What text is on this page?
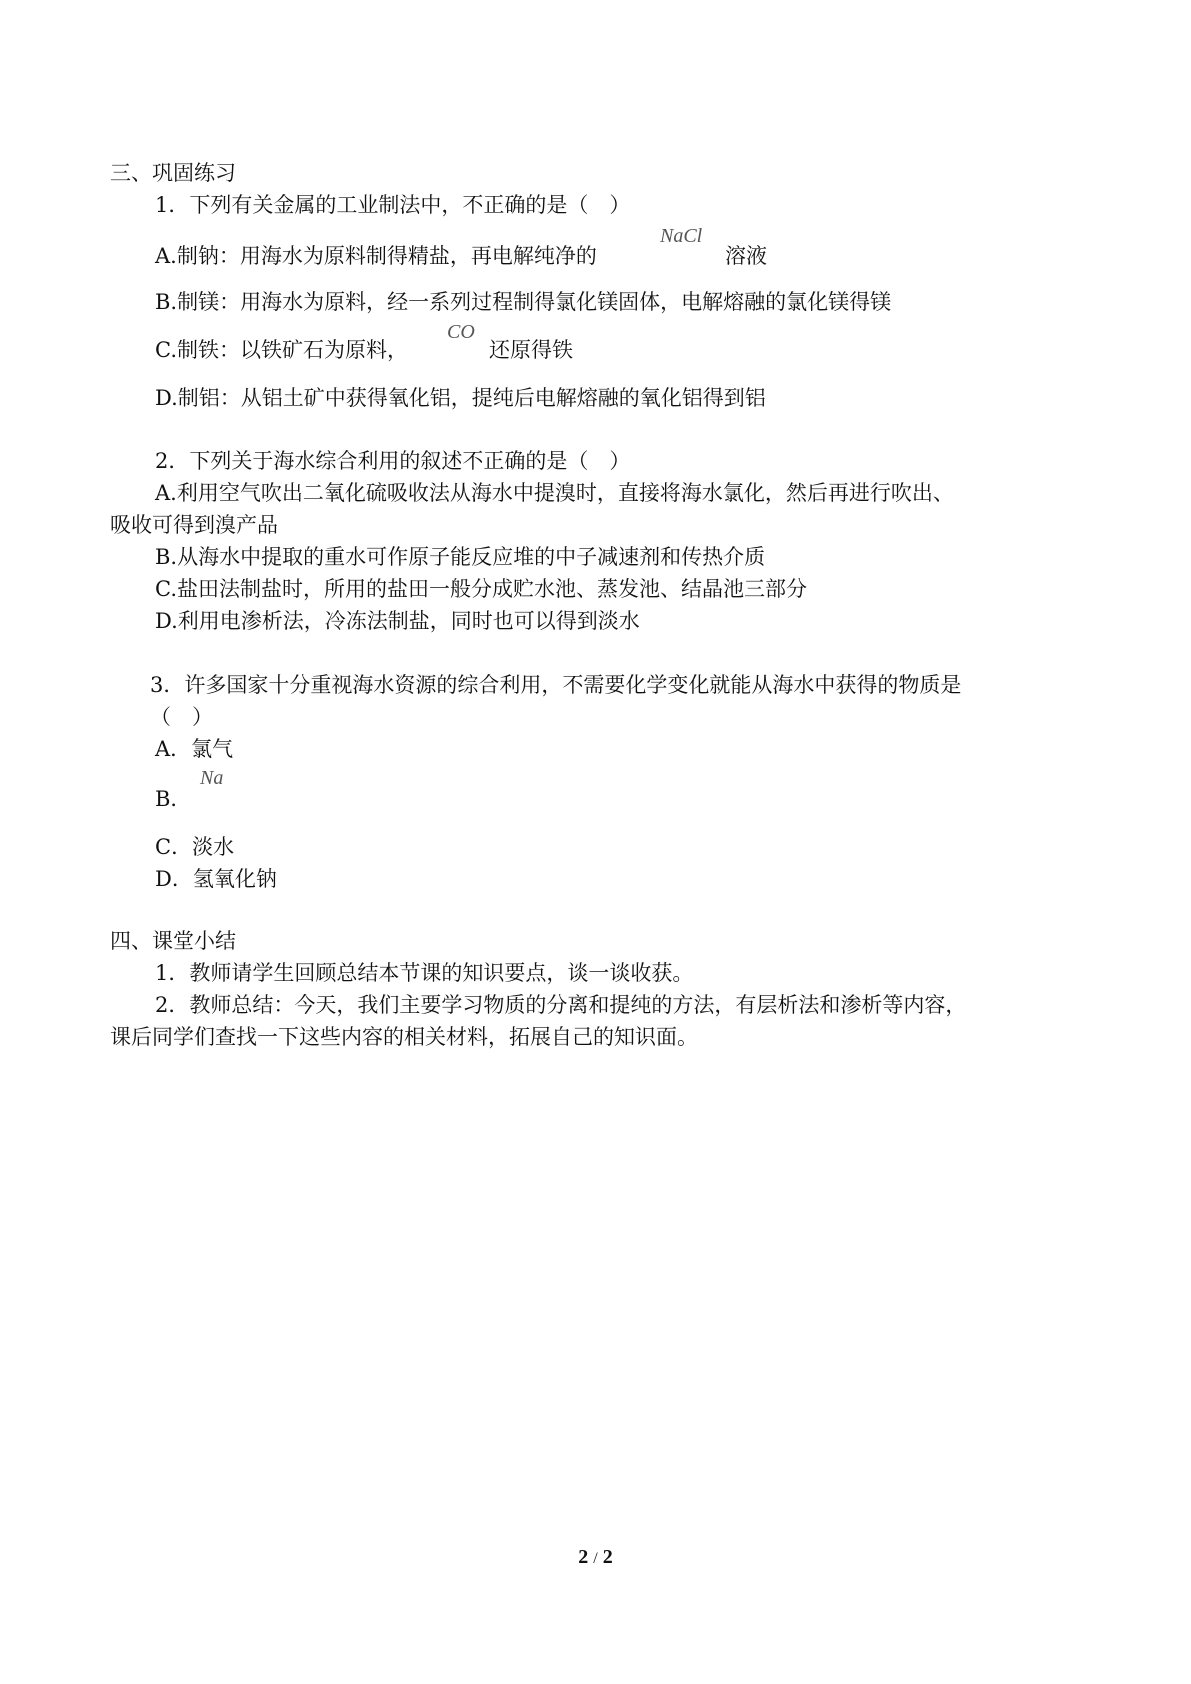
三、巩固练习
1．下列有关金属的工业制法中，不正确的是（　）
A.制钠：用海水为原料制得精盐，再电解纯净的
NaCl
溶液
B.制镁：用海水为原料，经一系列过程制得氯化镁固体，电解熔融的氯化镁得镁
C.制铁：以铁矿石为原料，
CO
还原得铁
D.制铝：从铝土矿中获得氧化铝，提纯后电解熔融的氧化铝得到铝
2．下列关于海水综合利用的叙述不正确的是（　）
A.利用空气吹出二氧化硫吸收法从海水中提溴时，直接将海水氯化，然后再进行吹出、
吸收可得到溴产品
B.从海水中提取的重水可作原子能反应堆的中子减速剂和传热介质
C.盐田法制盐时，所用的盐田一般分成贮水池、蒸发池、结晶池三部分
D.利用电渗析法，冷冻法制盐，同时也可以得到淡水
3．许多国家十分重视海水资源的综合利用，不需要化学变化就能从海水中获得的物质是
（　）
A．氯气
Na
B．
C．淡水
D．氢氧化钠
四、课堂小结
1．教师请学生回顾总结本节课的知识要点，谈一谈收获。
2．教师总结：今天，我们主要学习物质的分离和提纯的方法，有层析法和渗析等内容，
课后同学们查找一下这些内容的相关材料，拓展自己的知识面。
2 / 2
